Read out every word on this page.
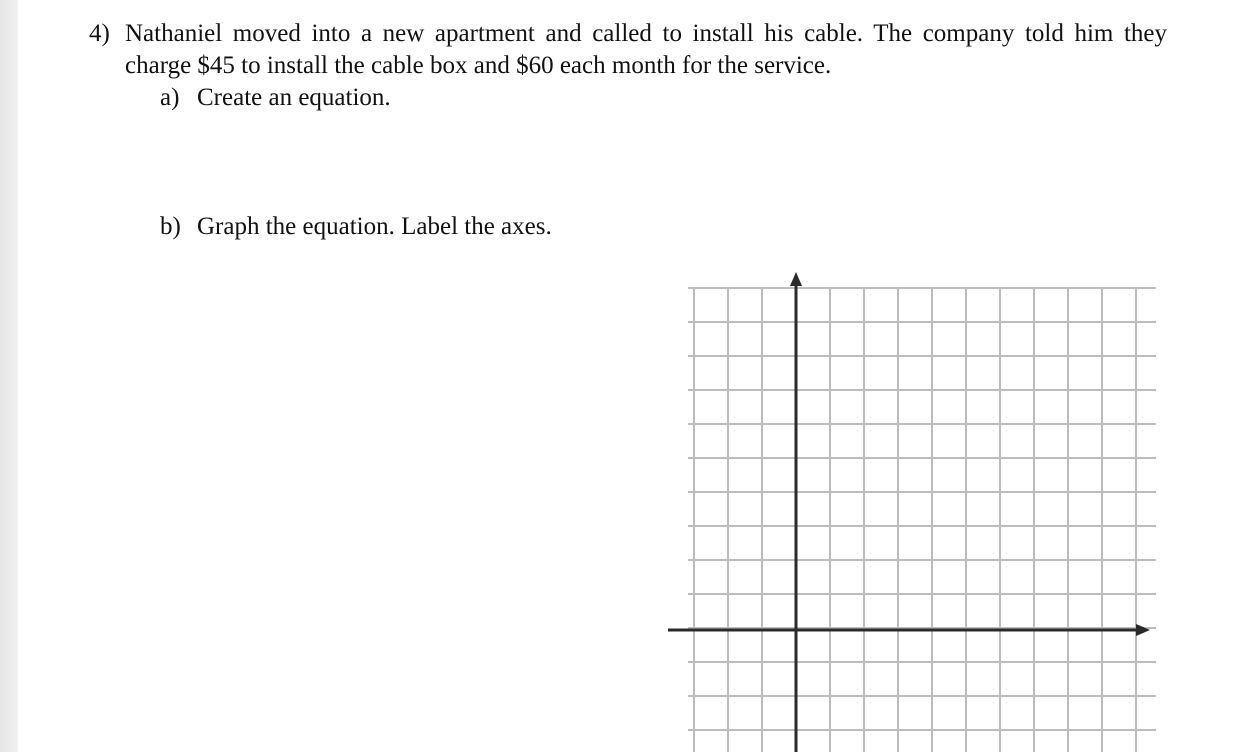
4) Nathaniel moved into a new apartment and called to install his cable. The company told him they
charge $45 to install the cable box and $60 each month for the service.
a) Create an equation.
b) Graph the equation. Label the axes.
